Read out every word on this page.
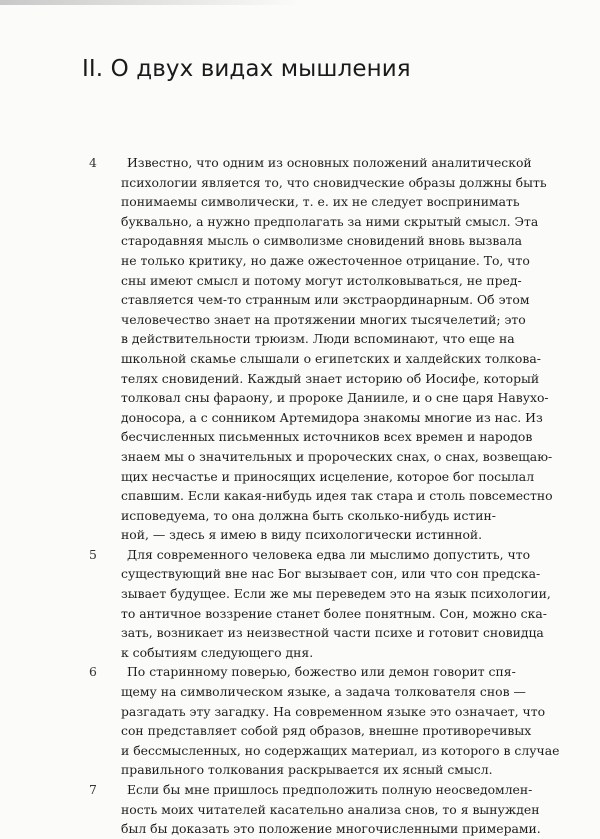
II. О двух видах мышления
4	Известно, что одним из основных положений аналитической
психологии является то, что сновидческие образы должны быть
понимаемы символически, т. е. их не следует воспринимать
буквально, а нужно предполагать за ними скрытый смысл. Эта
стародавняя мысль о символизме сновидений вновь вызвала
не только критику, но даже ожесточенное отрицание. То, что
сны имеют смысл и потому могут истолковываться, не пред-
ставляется чем-то странным или экстраординарным. Об этом
человечество знает на протяжении многих тысячелетий; это
в действительности трюизм. Люди вспоминают, что еще на
школьной скамье слышали о египетских и халдейских толкова-
телях сновидений. Каждый знает историю об Иосифе, который
толковал сны фараону, и пророке Данииле, и о сне царя Навухо-
доносора, а с сонником Артемидора знакомы многие из нас. Из
бесчисленных письменных источников всех времен и народов
знаем мы о значительных и пророческих снах, о снах, возвещаю-
щих несчастье и приносящих исцеление, которое бог посылал
спавшим. Если какая-нибудь идея так стара и столь повсеместно
исповедуема, то она должна быть сколько-нибудь истин-
ной, — здесь я имею в виду психологически истинной.
5	Для современного человека едва ли мыслимо допустить, что
существующий вне нас Бог вызывает сон, или что сон предска-
зывает будущее. Если же мы переведем это на язык психологии,
то античное воззрение станет более понятным. Сон, можно ска-
зать, возникает из неизвестной части психе и готовит сновидца
к событиям следующего дня.
6	По старинному поверью, божество или демон говорит спя-
щему на символическом языке, а задача толкователя снов —
разгадать эту загадку. На современном языке это означает, что
сон представляет собой ряд образов, внешне противоречивых
и бессмысленных, но содержащих материал, из которого в случае
правильного толкования раскрывается их ясный смысл.
7	Если бы мне пришлось предположить полную неосведомлен-
ность моих читателей касательно анализа снов, то я вынужден
был бы доказать это положение многочисленными примерами.
